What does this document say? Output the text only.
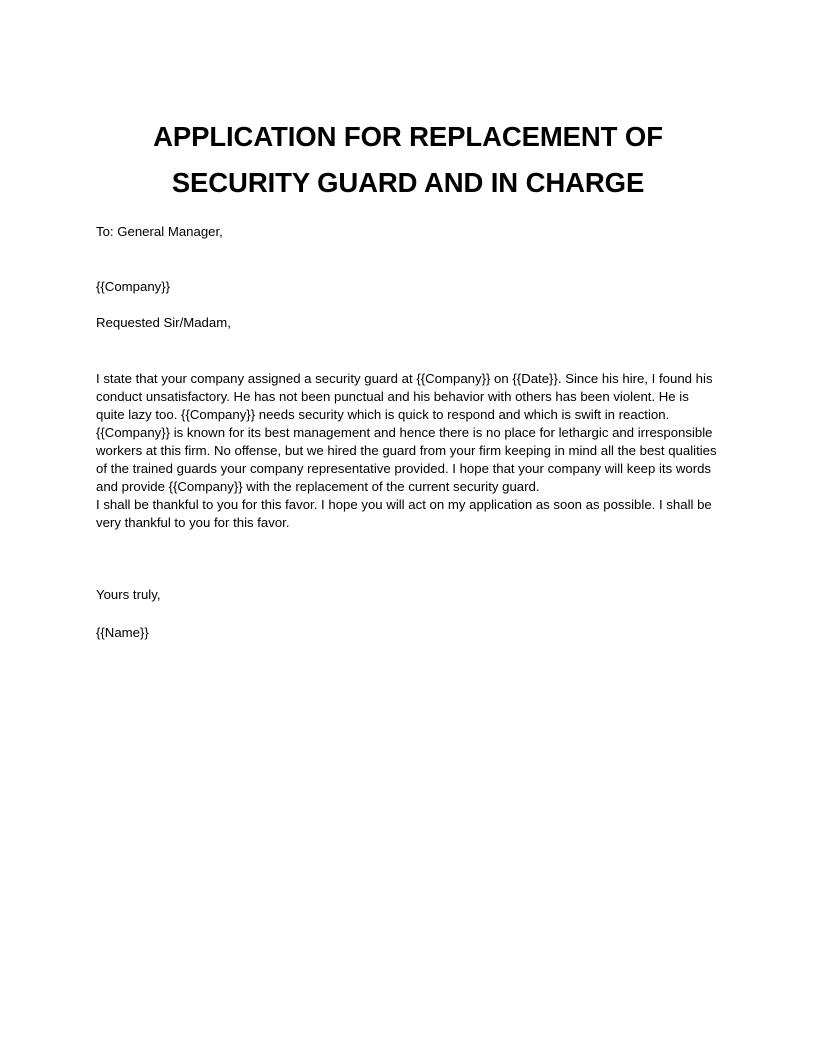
APPLICATION FOR REPLACEMENT OF
SECURITY GUARD AND IN CHARGE
To: General Manager,
{{Company}}
Requested Sir/Madam,

I state that your company assigned a security guard at {{Company}} on {{Date}}. Since his hire, I found his conduct unsatisfactory. He has not been punctual and his behavior with others has been violent. He is quite lazy too. {{Company}} needs security which is quick to respond and which is swift in reaction. {{Company}} is known for its best management and hence there is no place for lethargic and irresponsible workers at this firm. No offense, but we hired the guard from your firm keeping in mind all the best qualities of the trained guards your company representative provided. I hope that your company will keep its words and provide {{Company}} with the replacement of the current security guard.

I shall be thankful to you for this favor. I hope you will act on my application as soon as possible. I shall be very thankful to you for this favor.

Yours truly,
{{Name}}
